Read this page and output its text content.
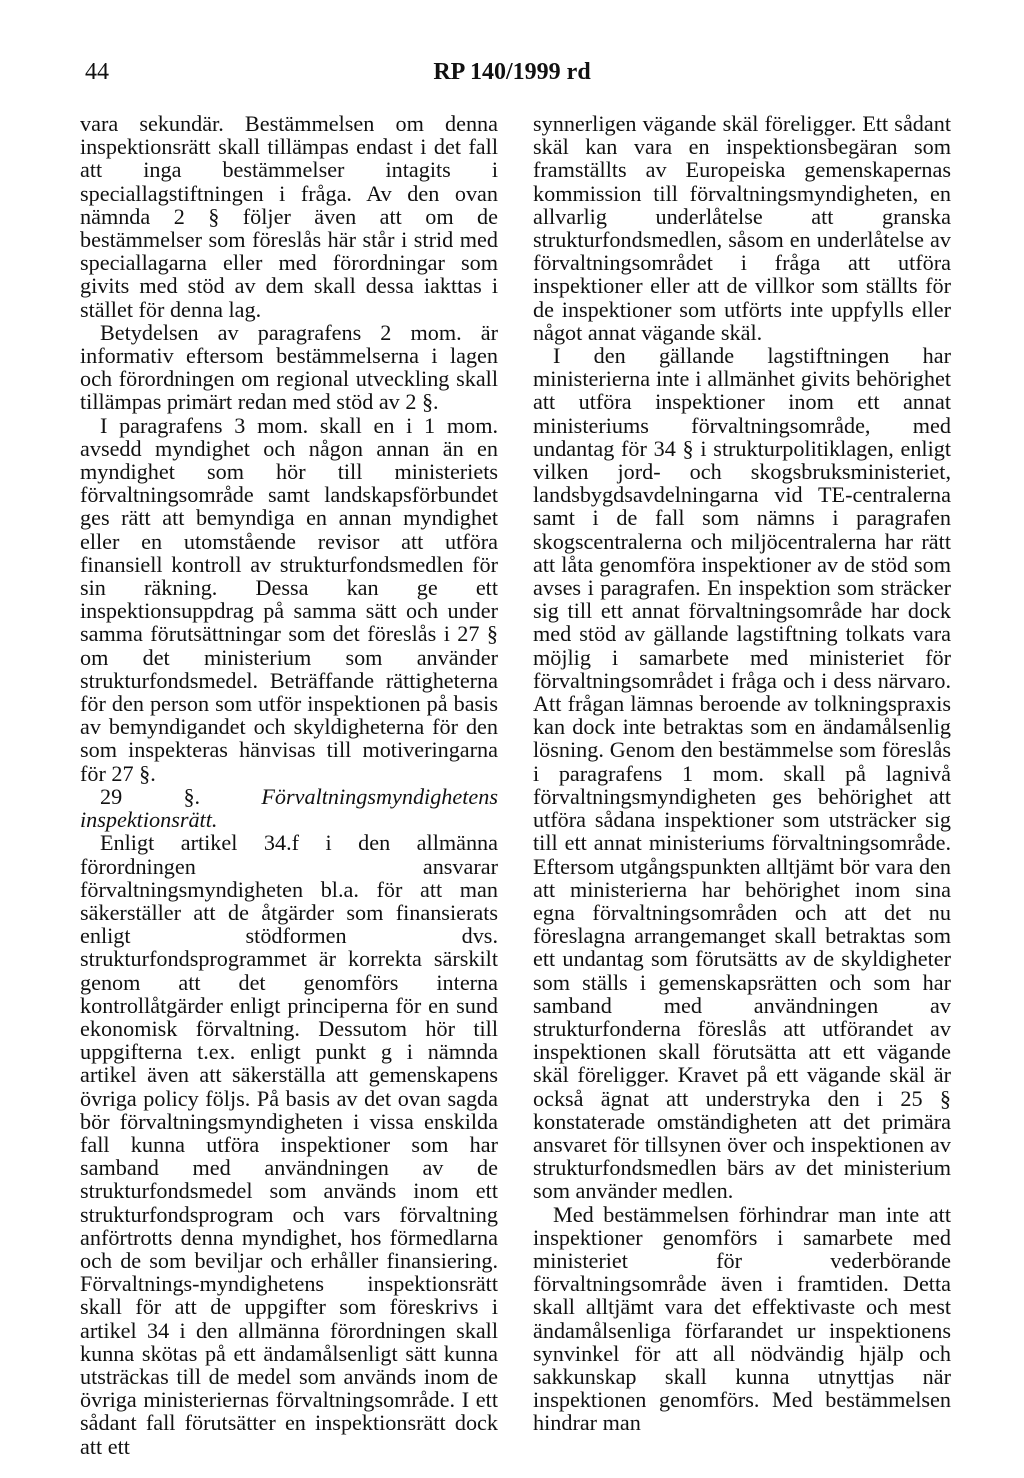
44	RP 140/1999 rd

vara sekundär. Bestämmelsen om denna inspektionsrätt skall tillämpas endast i det fall att inga bestämmelser intagits i speciallagstiftningen i fråga. Av den ovan nämnda 2 § följer även att om de bestämmelser som föreslås här står i strid med speciallagarna eller med förordningar som givits med stöd av dem skall dessa iakttas i stället för denna lag.

Betydelsen av paragrafens 2 mom. är informativ eftersom bestämmelserna i lagen och förordningen om regional utveckling skall tillämpas primärt redan med stöd av 2 §.

I paragrafens 3 mom. skall en i 1 mom. avsedd myndighet och någon annan än en myndighet som hör till ministeriets förvaltningsområde samt landskapsförbundet ges rätt att bemyndiga en annan myndighet eller en utomstående revisor att utföra finansiell kontroll av strukturfondsmedlen för sin räkning. Dessa kan ge ett inspektionsuppdrag på samma sätt och under samma förutsättningar som det föreslås i 27 § om det ministerium som använder strukturfondsmedel. Beträffande rättigheterna för den person som utför inspektionen på basis av bemyndigandet och skyldigheterna för den som inspekteras hänvisas till motiveringarna för 27 §.

29 §.	Förvaltningsmyndighetens inspektionsrätt.

Enligt artikel 34.f i den allmänna förordningen ansvarar förvaltningsmyndigheten bl.a. för att man säkerställer att de åtgärder som finansierats enligt stödformen dvs. strukturfondsprogrammet är korrekta särskilt genom att det genomförs interna kontrollåtgärder enligt principerna för en sund ekonomisk förvaltning. Dessutom hör till uppgifterna t.ex. enligt punkt g i nämnda artikel även att säkerställa att gemenskapens övriga policy följs. På basis av det ovan sagda bör förvaltningsmyndigheten i vissa enskilda fall kunna utföra inspektioner som har samband med användningen av de strukturfondsmedel som används inom ett strukturfondsprogram och vars förvaltning anförtrotts denna myndighet, hos förmedlarna och de som beviljar och erhåller finansiering. Förvaltnings-myndighetens inspektionsrätt skall för att de uppgifter som föreskrivs i artikel 34 i den allmänna förordningen skall kunna skötas på ett ändamålsenligt sätt kunna utsträckas till de medel som används inom de övriga ministeriernas förvaltningsområde. I ett sådant fall förutsätter en inspektionsrätt dock att ett

synnerligen vägande skäl föreligger. Ett sådant skäl kan vara en inspektionsbegäran som framställts av Europeiska gemenskapernas kommission till förvaltningsmyndigheten, en allvarlig underlåtelse att granska strukturfondsmedlen, såsom en underlåtelse av förvaltningsområdet i fråga att utföra inspektioner eller att de villkor som ställts för de inspektioner som utförts inte uppfylls eller något annat vägande skäl.

I den gällande lagstiftningen har ministerierna inte i allmänhet givits behörighet att utföra inspektioner inom ett annat ministeriums förvaltningsområde, med undantag för 34 § i strukturpolitiklagen, enligt vilken jord- och skogsbruksministeriet, landsbygdsavdelningarna vid TE-centralerna samt i de fall som nämns i paragrafen skogscentralerna och miljöcentralerna har rätt att låta genomföra inspektioner av de stöd som avses i paragrafen. En inspektion som sträcker sig till ett annat förvaltningsområde har dock med stöd av gällande lagstiftning tolkats vara möjlig i samarbete med ministeriet för förvaltningsområdet i fråga och i dess närvaro. Att frågan lämnas beroende av tolkningspraxis kan dock inte betraktas som en ändamålsenlig lösning. Genom den bestämmelse som föreslås i paragrafens 1 mom. skall på lagnivå förvaltningsmyndigheten ges behörighet att utföra sådana inspektioner som utsträcker sig till ett annat ministeriums förvaltningsområde. Eftersom utgångspunkten alltjämt bör vara den att ministerierna har behörighet inom sina egna förvaltningsområden och att det nu föreslagna arrangemanget skall betraktas som ett undantag som förutsätts av de skyldigheter som ställs i gemenskapsrätten och som har samband med användningen av strukturfonderna föreslås att utförandet av inspektionen skall förutsätta att ett vägande skäl föreligger. Kravet på ett vägande skäl är också ägnat att understryka den i 25 § konstaterade omständigheten att det primära ansvaret för tillsynen över och inspektionen av strukturfondsmedlen bärs av det ministerium som använder medlen.

Med bestämmelsen förhindrar man inte att inspektioner genomförs i samarbete med ministeriet för vederbörande förvaltningsområde även i framtiden. Detta skall alltjämt vara det effektivaste och mest ändamålsenliga förfarandet ur inspektionens synvinkel för att all nödvändig hjälp och sakkunskap skall kunna utnyttjas när inspektionen genomförs. Med bestämmelsen hindrar man
